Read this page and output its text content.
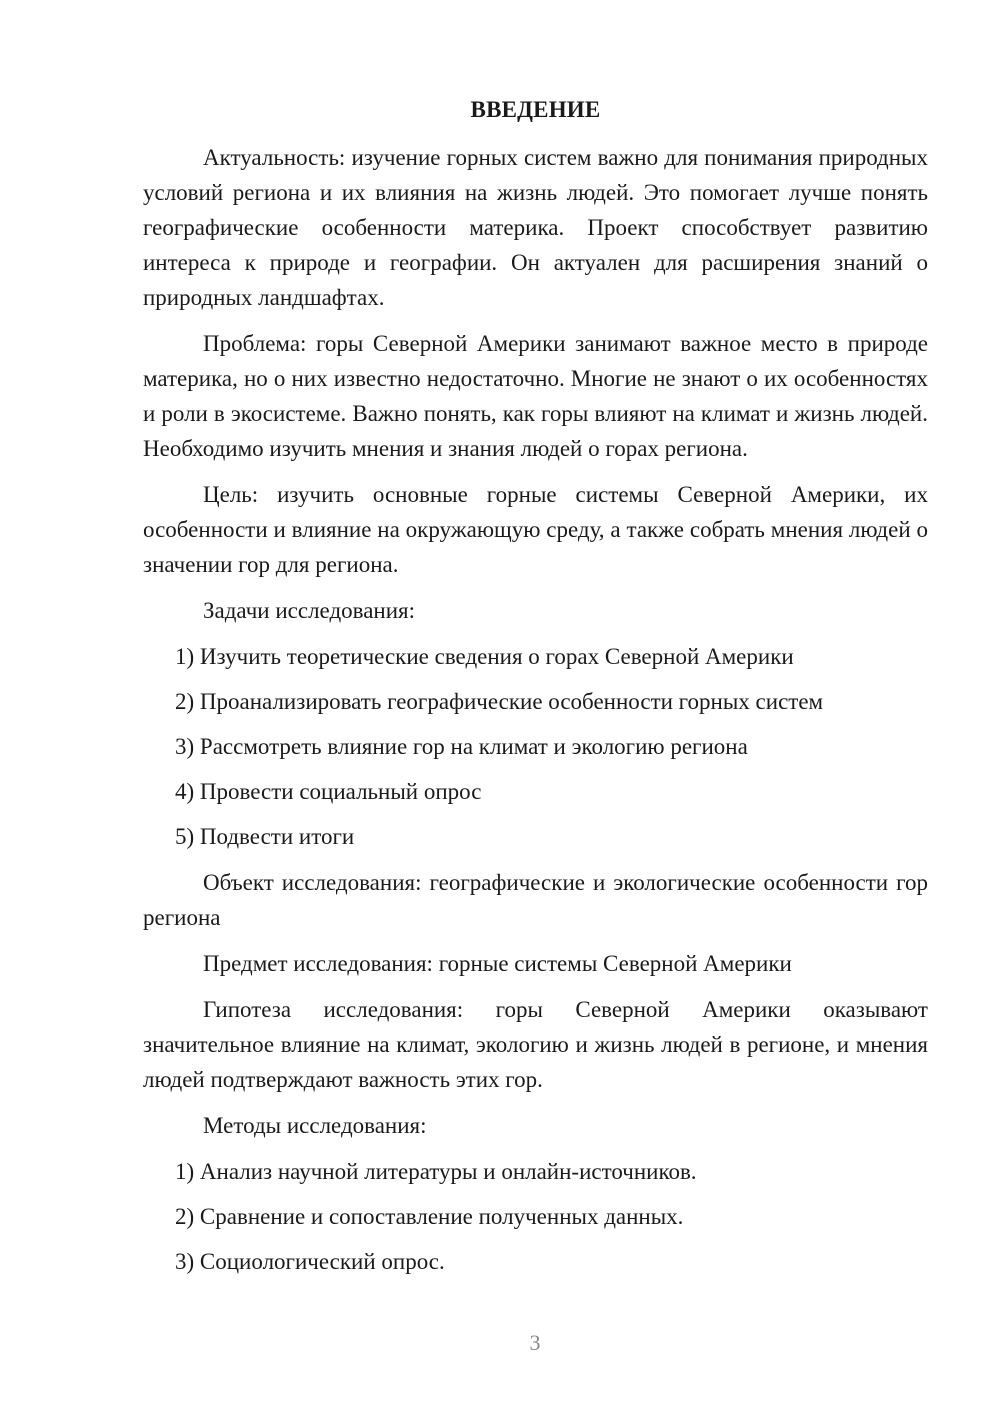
ВВЕДЕНИЕ

Актуальность: изучение горных систем важно для понимания природных условий региона и их влияния на жизнь людей. Это помогает лучше понять географические особенности материка. Проект способствует развитию интереса к природе и географии. Он актуален для расширения знаний о природных ландшафтах.

Проблема: горы Северной Америки занимают важное место в природе материка, но о них известно недостаточно. Многие не знают о их особенностях и роли в экосистеме. Важно понять, как горы влияют на климат и жизнь людей. Необходимо изучить мнения и знания людей о горах региона.

Цель: изучить основные горные системы Северной Америки, их особенности и влияние на окружающую среду, а также собрать мнения людей о значении гор для региона.

Задачи исследования:

1) Изучить теоретические сведения о горах Северной Америки
2) Проанализировать географические особенности горных систем
3) Рассмотреть влияние гор на климат и экологию региона
4) Провести социальный опрос
5) Подвести итоги

Объект исследования: географические и экологические особенности гор региона

Предмет исследования: горные системы Северной Америки

Гипотеза исследования: горы Северной Америки оказывают значительное влияние на климат, экологию и жизнь людей в регионе, и мнения людей подтверждают важность этих гор.

Методы исследования:

1) Анализ научной литературы и онлайн-источников.
2) Сравнение и сопоставление полученных данных.
3) Социологический опрос.
3
